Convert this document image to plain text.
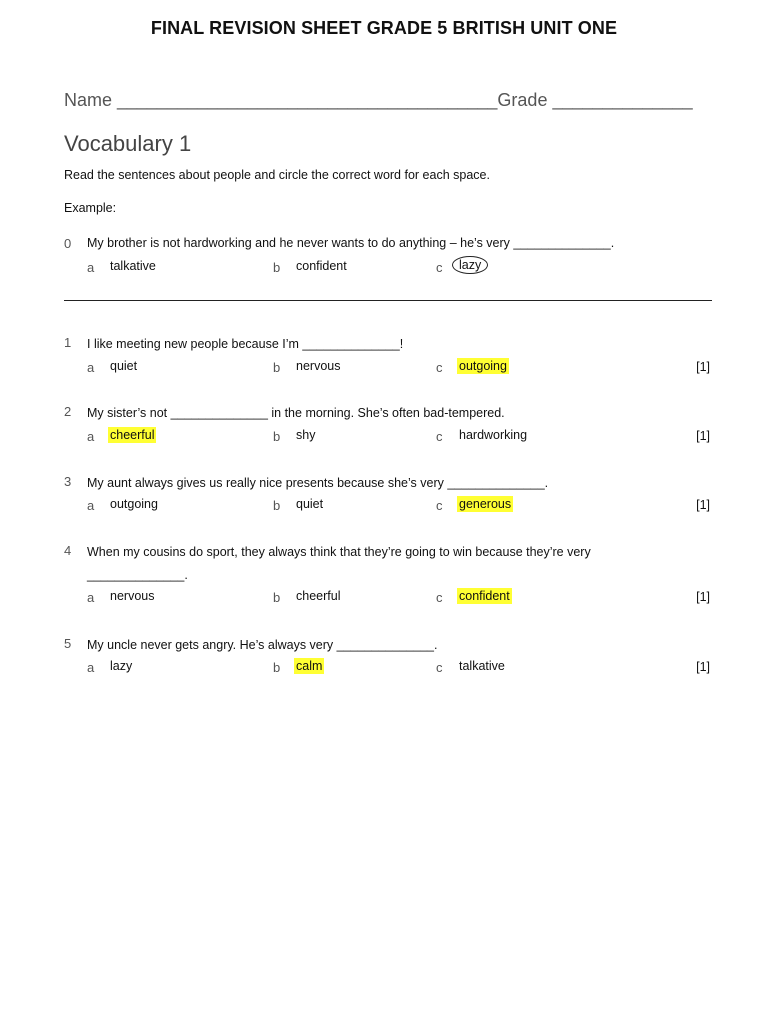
FINAL REVISION SHEET GRADE 5 BRITISH UNIT ONE
Name ______________________________________Grade ______________
Vocabulary 1
Read the sentences about people and circle the correct word for each space.
Example:
0	My brother is not hardworking and he never wants to do anything – he’s very ______________.
a talkative	b confident	c	lazy
1	I like meeting new people because I’m ______________!
a quiet	b nervous	c outgoing	[1]
2	My sister’s not ______________ in the morning. She’s often bad-tempered.
a cheerful	b shy	c hardworking	[1]
3	My aunt always gives us really nice presents because she’s very ______________.
a outgoing	b quiet	c generous	[1]
4	When my cousins do sport, they always think that they’re going to win because they’re very ______________.
a nervous	b cheerful	c confident	[1]
5	My uncle never gets angry. He’s always very ______________.
a lazy	b calm	c talkative	[1]
